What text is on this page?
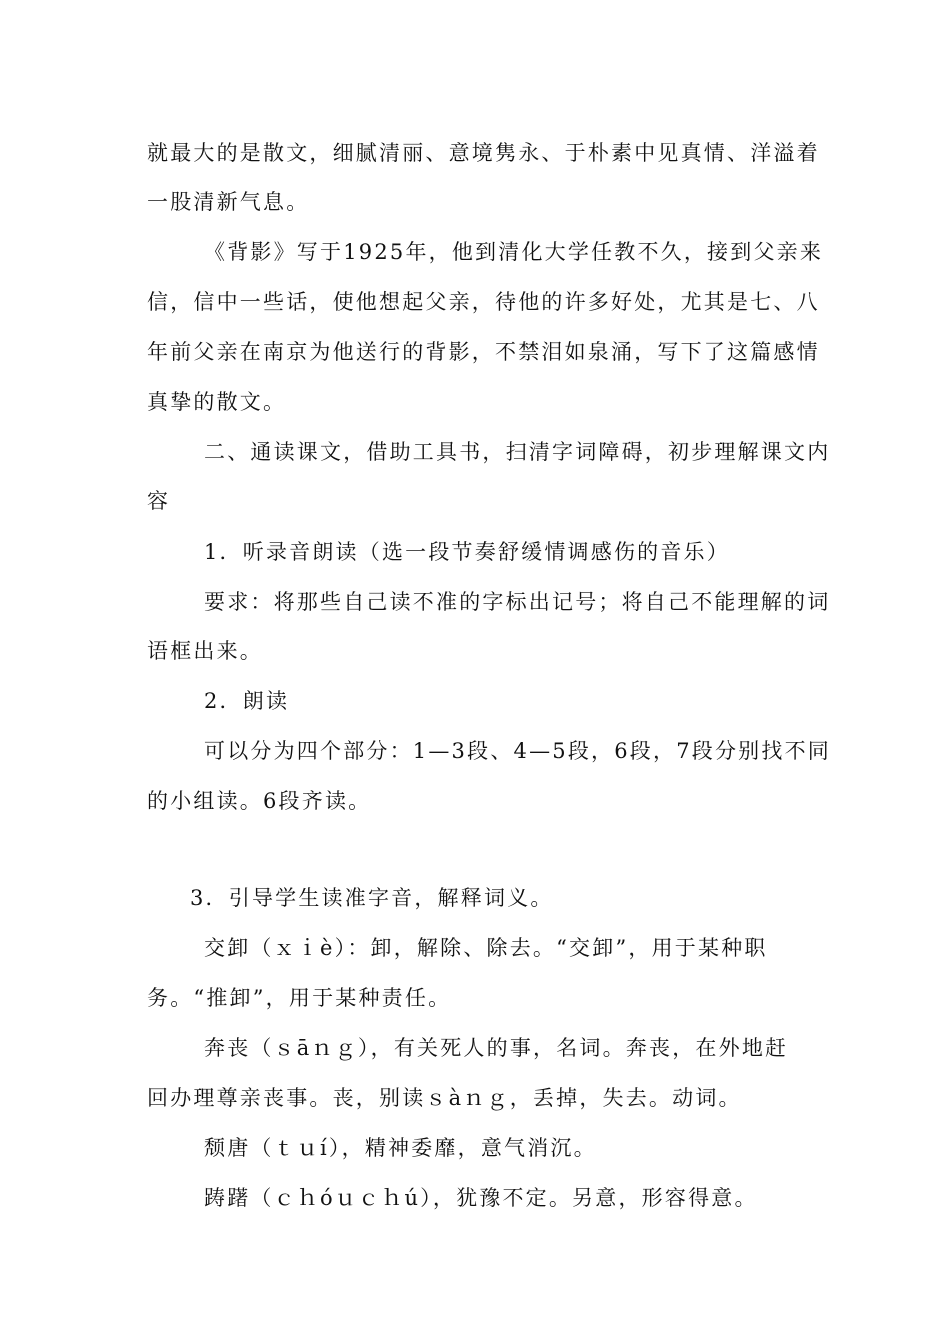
就最大的是散文，细腻清丽、意境隽永、于朴素中见真情、洋溢着
一股清新气息。
《背影》写于1925年，他到清化大学任教不久，接到父亲来
信，信中一些话，使他想起父亲，待他的许多好处，尤其是七、八
年前父亲在南京为他送行的背影，不禁泪如泉涌，写下了这篇感情
真挚的散文。
二、通读课文，借助工具书，扫清字词障碍，初步理解课文内
容
1．听录音朗读（选一段节奏舒缓情调感伤的音乐）
要求：将那些自己读不准的字标出记号；将自己不能理解的词
语框出来。
2．朗读
可以分为四个部分：1—3段、4—5段，6段，7段分别找不同
的小组读。6段齐读。
3．引导学生读准字音，解释词义。
交卸（ｘｉè）：卸，解除、除去。“交卸”，用于某种职
务。“推卸”，用于某种责任。
奔丧（ｓāｎｇ），有关死人的事，名词。奔丧，在外地赶
回办理尊亲丧事。丧，别读ｓàｎｇ，丢掉，失去。动词。
颓唐（ｔｕí），精神委靡，意气消沉。
踌躇（ｃｈóｕｃｈú），犹豫不定。另意，形容得意。
